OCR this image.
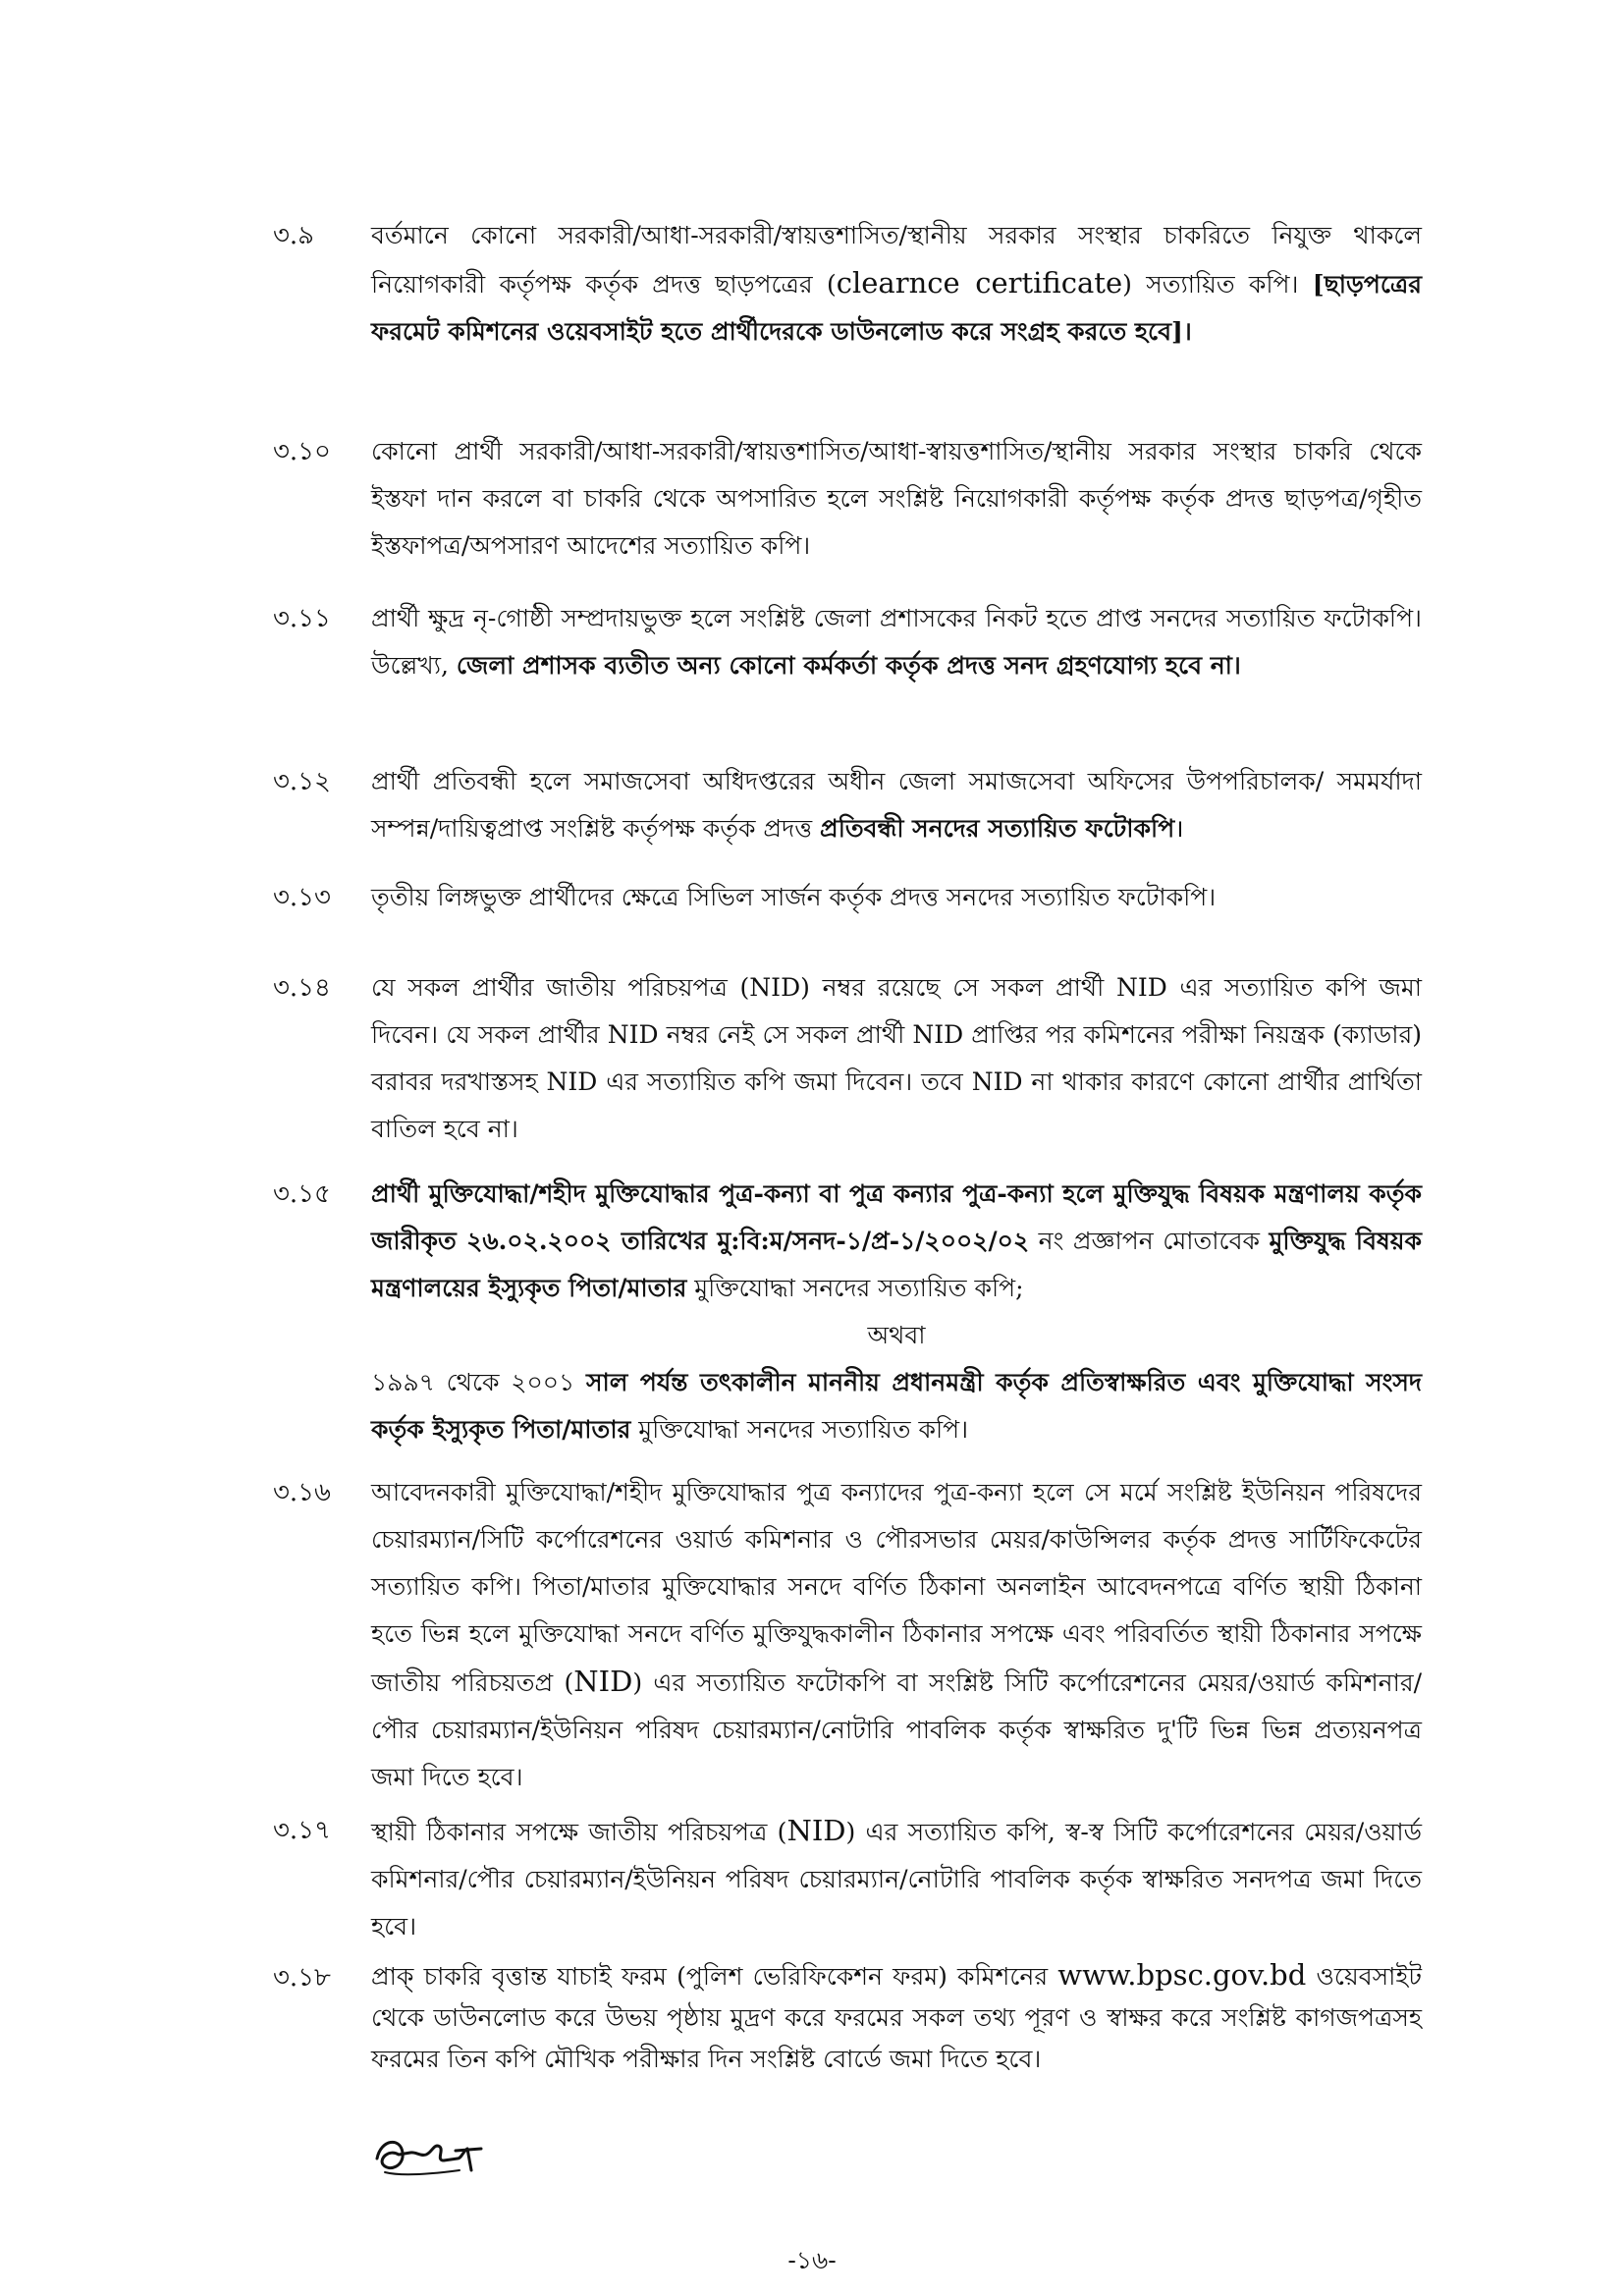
৩.৯	বর্তমানে কোনো সরকারী/আধা-সরকারী/স্বায়ত্তশাসিত/স্থানীয় সরকার সংস্থার চাকরিতে নিযুক্ত থাকলে নিয়োগকারী কর্তৃপক্ষ কর্তৃক প্রদত্ত ছাড়পত্রের (clearnce certificate) সত্যায়িত কপি। [ছাড়পত্রের ফরমেট কমিশনের ওয়েবসাইট হতে প্রার্থীদেরকে ডাউনলোড করে সংগ্রহ করতে হবে]।
৩.১০	কোনো প্রার্থী সরকারী/আধা-সরকারী/স্বায়ত্তশাসিত/আধা-স্বায়ত্তশাসিত/স্থানীয় সরকার সংস্থার চাকরি থেকে ইস্তফা দান করলে বা চাকরি থেকে অপসারিত হলে সংশ্লিষ্ট নিয়োগকারী কর্তৃপক্ষ কর্তৃক প্রদত্ত ছাড়পত্র/গৃহীত ইস্তফাপত্র/অপসারণ আদেশের সত্যায়িত কপি।
৩.১১	প্রার্থী ক্ষুদ্র নৃ-গোষ্ঠী সম্প্রদায়ভুক্ত হলে সংশ্লিষ্ট জেলা প্রশাসকের নিকট হতে প্রাপ্ত সনদের সত্যায়িত ফটোকপি। উল্লেখ্য, জেলা প্রশাসক ব্যতীত অন্য কোনো কর্মকর্তা কর্তৃক প্রদত্ত সনদ গ্রহণযোগ্য হবে না।
৩.১২	প্রার্থী প্রতিবন্ধী হলে সমাজসেবা অধিদপ্তরের অধীন জেলা সমাজসেবা অফিসের উপপরিচালক/ সমমর্যাদা সম্পন্ন/দায়িত্বপ্রাপ্ত সংশ্লিষ্ট কর্তৃপক্ষ কর্তৃক প্রদত্ত প্রতিবন্ধী সনদের সত্যায়িত ফটোকপি।
৩.১৩	তৃতীয় লিঙ্গভুক্ত প্রার্থীদের ক্ষেত্রে সিভিল সার্জন কর্তৃক প্রদত্ত সনদের সত্যায়িত ফটোকপি।
৩.১৪	যে সকল প্রার্থীর জাতীয় পরিচয়পত্র (NID) নম্বর রয়েছে সে সকল প্রার্থী NID এর সত্যায়িত কপি জমা দিবেন। যে সকল প্রার্থীর NID নম্বর নেই সে সকল প্রার্থী NID প্রাপ্তির পর কমিশনের পরীক্ষা নিয়ন্ত্রক (ক্যাডার) বরাবর দরখাস্তসহ NID এর সত্যায়িত কপি জমা দিবেন। তবে NID না থাকার কারণে কোনো প্রার্থীর প্রার্থিতা বাতিল হবে না।
৩.১৫	প্রার্থী মুক্তিযোদ্ধা/শহীদ মুক্তিযোদ্ধার পুত্র-কন্যা বা পুত্র কন্যার পুত্র-কন্যা হলে মুক্তিযুদ্ধ বিষয়ক মন্ত্রণালয় কর্তৃক জারীকৃত ২৬.০২.২০০২ তারিখের মু:বি:ম/সনদ-১/প্র-১/২০০২/০২ নং প্রজ্ঞাপন মোতাবেক মুক্তিযুদ্ধ বিষয়ক মন্ত্রণালয়ের ইস্যুকৃত পিতা/মাতার মুক্তিযোদ্ধা সনদের সত্যায়িত কপি;
অথবা
১৯৯৭ থেকে ২০০১ সাল পর্যন্ত তৎকালীন মাননীয় প্রধানমন্ত্রী কর্তৃক প্রতিস্বাক্ষরিত এবং মুক্তিযোদ্ধা সংসদ কর্তৃক ইস্যুকৃত পিতা/মাতার মুক্তিযোদ্ধা সনদের সত্যায়িত কপি।
৩.১৬	আবেদনকারী মুক্তিযোদ্ধা/শহীদ মুক্তিযোদ্ধার পুত্র কন্যাদের পুত্র-কন্যা হলে সে মর্মে সংশ্লিষ্ট ইউনিয়ন পরিষদের চেয়ারম্যান/সিটি কর্পোরেশনের ওয়ার্ড কমিশনার ও পৌরসভার মেয়র/কাউন্সিলর কর্তৃক প্রদত্ত সার্টিফিকেটের সত্যায়িত কপি। পিতা/মাতার মুক্তিযোদ্ধার সনদে বর্ণিত ঠিকানা অনলাইন আবেদনপত্রে বর্ণিত স্থায়ী ঠিকানা হতে ভিন্ন হলে মুক্তিযোদ্ধা সনদে বর্ণিত মুক্তিযুদ্ধকালীন ঠিকানার সপক্ষে এবং পরিবর্তিত স্থায়ী ঠিকানার সপক্ষে জাতীয় পরিচয়তপ্র (NID) এর সত্যায়িত ফটোকপি বা সংশ্লিষ্ট সিটি কর্পোরেশনের মেয়র/ওয়ার্ড কমিশনার/পৌর চেয়ারম্যান/ইউনিয়ন পরিষদ চেয়ারম্যান/নোটারি পাবলিক কর্তৃক স্বাক্ষরিত দু'টি ভিন্ন ভিন্ন প্রত্যয়নপত্র জমা দিতে হবে।
৩.১৭	স্থায়ী ঠিকানার সপক্ষে জাতীয় পরিচয়পত্র (NID) এর সত্যায়িত কপি, স্ব-স্ব সিটি কর্পোরেশনের মেয়র/ওয়ার্ড কমিশনার/পৌর চেয়ারম্যান/ইউনিয়ন পরিষদ চেয়ারম্যান/নোটারি পাবলিক কর্তৃক স্বাক্ষরিত সনদপত্র জমা দিতে হবে।
৩.১৮	প্রাক্ চাকরি বৃত্তান্ত যাচাই ফরম (পুলিশ ভেরিফিকেশন ফরম) কমিশনের www.bpsc.gov.bd ওয়েবসাইট থেকে ডাউনলোড করে উভয় পৃষ্ঠায় মুদ্রণ করে ফরমের সকল তথ্য পূরণ ও স্বাক্ষর করে সংশ্লিষ্ট কাগজপত্রসহ ফরমের তিন কপি মৌখিক পরীক্ষার দিন সংশ্লিষ্ট বোর্ডে জমা দিতে হবে।
-১৬-
